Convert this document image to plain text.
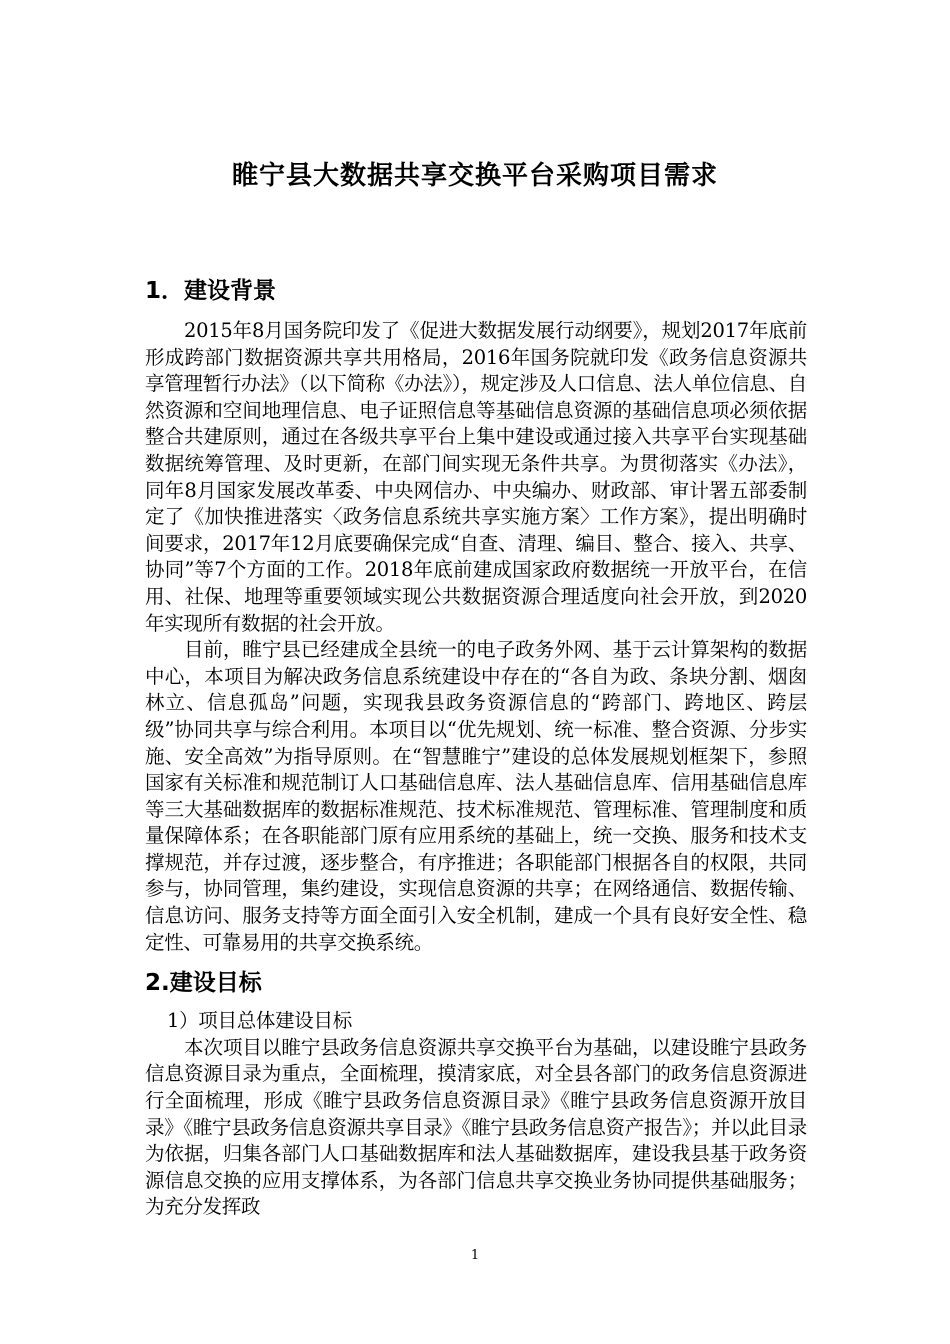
睢宁县大数据共享交换平台采购项目需求
1．建设背景

2015年8月国务院印发了《促进大数据发展行动纲要》，规划2017年底前形成跨部门数据资源共享共用格局，2016年国务院就印发《政务信息资源共享管理暂行办法》（以下简称《办法》），规定涉及人口信息、法人单位信息、自然资源和空间地理信息、电子证照信息等基础信息资源的基础信息项必须依据整合共建原则，通过在各级共享平台上集中建设或通过接入共享平台实现基础数据统筹管理、及时更新，在部门间实现无条件共享。为贯彻落实《办法》，同年8月国家发展改革委、中央网信办、中央编办、财政部、审计署五部委制定了《加快推进落实〈政务信息系统共享实施方案〉工作方案》，提出明确时间要求，2017年12月底要确保完成“自查、清理、编目、整合、接入、共享、协同”等7个方面的工作。2018年底前建成国家政府数据统一开放平台，在信用、社保、地理等重要领域实现公共数据资源合理适度向社会开放，到2020年实现所有数据的社会开放。

目前，睢宁县已经建成全县统一的电子政务外网、基于云计算架构的数据中心，本项目为解决政务信息系统建设中存在的“各自为政、条块分割、烟囱林立、信息孤岛”问题，实现我县政务资源信息的“跨部门、跨地区、跨层级”协同共享与综合利用。本项目以“优先规划、统一标准、整合资源、分步实施、安全高效”为指导原则。在“智慧睢宁”建设的总体发展规划框架下，参照国家有关标准和规范制订人口基础信息库、法人基础信息库、信用基础信息库等三大基础数据库的数据标准规范、技术标准规范、管理标准、管理制度和质量保障体系；在各职能部门原有应用系统的基础上，统一交换、服务和技术支撑规范，并存过渡，逐步整合，有序推进；各职能部门根据各自的权限，共同参与，协同管理，集约建设，实现信息资源的共享；在网络通信、数据传输、信息访问、服务支持等方面全面引入安全机制，建成一个具有良好安全性、稳定性、可靠易用的共享交换系统。

2.建设目标

1）项目总体建设目标

本次项目以睢宁县政务信息资源共享交换平台为基础，以建设睢宁县政务信息资源目录为重点，全面梳理，摸清家底，对全县各部门的政务信息资源进行全面梳理，形成《睢宁县政务信息资源目录》《睢宁县政务信息资源开放目录》《睢宁县政务信息资源共享目录》《睢宁县政务信息资产报告》；并以此目录为依据，归集各部门人口基础数据库和法人基础数据库，建设我县基于政务资源信息交换的应用支撑体系，为各部门信息共享交换业务协同提供基础服务；为充分发挥政

1
